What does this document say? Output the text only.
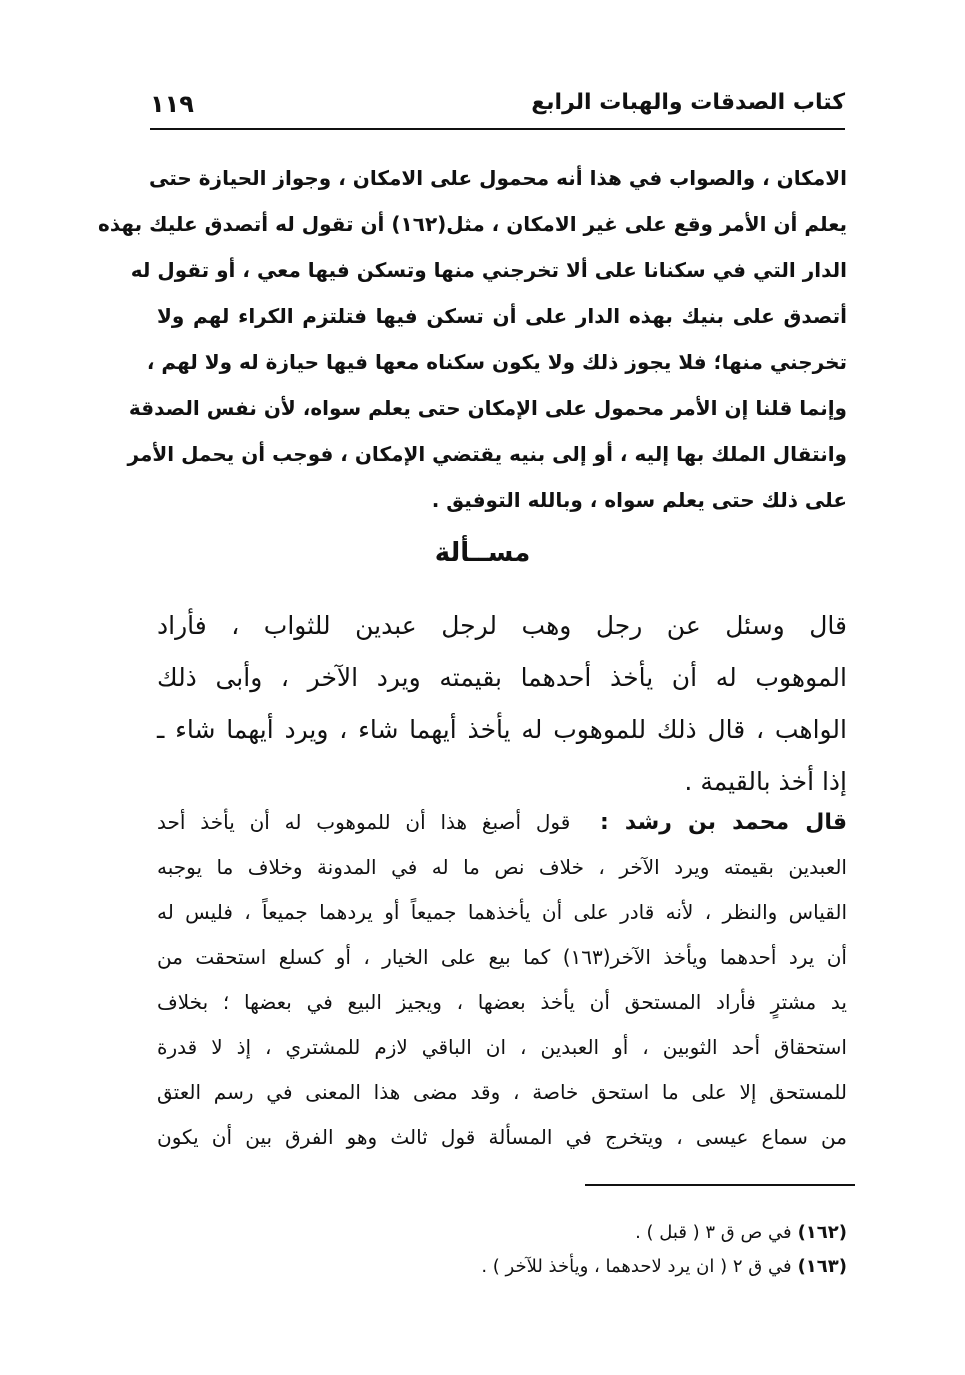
كتاب الصدقات والهبات الرابع
١١٩

الامكان ، والصواب في هذا أنه محمول على الامكان ، وجواز الحيازة حتى
يعلم أن الأمر وقع على غير الامكان ، مثل(١٦٢) أن تقول له أتصدق عليك بهذه
الدار التي في سكنانا على ألا تخرجني منها وتسكن فيها معي ، أو تقول له
أتصدق على بنيك بهذه الدار على أن تسكن فيها فتلتزم الكراء لهم ولا
تخرجني منها؛ فلا يجوز ذلك ولا يكون سكناه معها فيها حيازة له ولا لهم ،
وإنما قلنا إن الأمر محمول على الإمكان حتى يعلم سواه، لأن نفس الصدقة
وانتقال الملك بها إليه ، أو إلى بنيه يقتضي الإمكان ، فوجب أن يحمل الأمر
على ذلك حتى يعلم سواه ، وبالله التوفيق .

مســألة

قال وسئل عن رجل وهب لرجل عبدين للثواب ، فأراد
الموهوب له أن يأخذ أحدهما بقيمته ويرد الآخر ، وأبى ذلك
الواهب ، قال ذلك للموهوب له يأخذ أيهما شاء ، ويرد أيهما شاء ـ
إذا أخذ بالقيمة .

قال محمد بن رشد :  قول أصبغ هذا أن للموهوب له أن يأخذ أحد
العبدين بقيمته ويرد الآخر ، خلاف نص ما له في المدونة وخلاف ما يوجبه
القياس والنظر ، لأنه قادر على أن يأخذهما جميعاً أو يردهما جميعاً ، فليس له
أن يرد أحدهما ويأخذ الآخر(١٦٣) كما بيع على الخيار ، أو كسلع استحقت من
يد مشترٍ فأراد المستحق أن يأخذ بعضها ، ويجيز البيع في بعضها ؛ بخلاف
استحقاق أحد الثوبين ، أو العبدين ، ان الباقي لازم للمشتري ، إذ لا قدرة
للمستحق إلا على ما استحق خاصة ، وقد مضى هذا المعنى في رسم العتق
من سماع عيسى ، ويتخرج في المسألة قول ثالث وهو الفرق بين أن يكون
(١٦٢)في ص ق ٣ ( قبل ) .
(١٦٣)في ق ٢ ( ان يرد لاحدهما ، ويأخذ للآخر ) .
